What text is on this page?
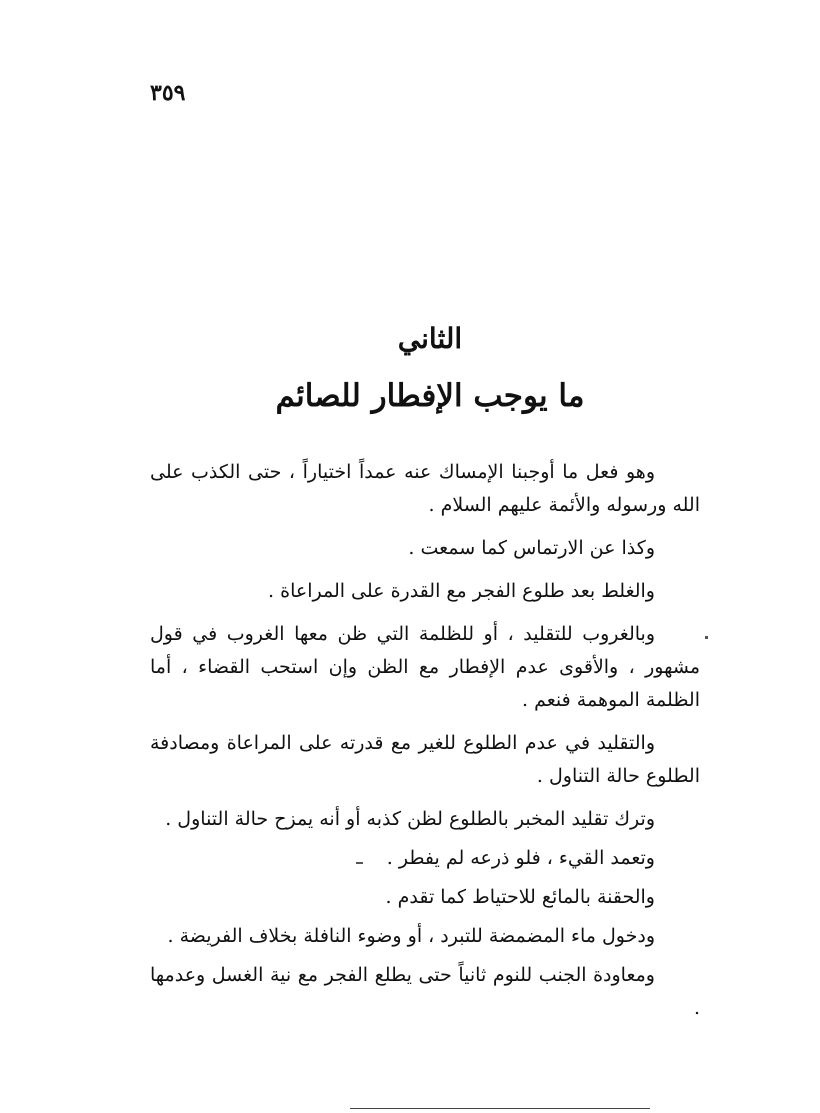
٣٥٩
الثاني
ما يوجب الإفطار للصائم

وهو فعل ما أوجبنا الإمساك عنه عمداً اختياراً ، حتى الكذب على الله ورسوله والأئمة عليهم السلام .

وكذا عن الارتماس كما سمعت .

والغلط بعد طلوع الفجر مع القدرة على المراعاة .

وبالغروب للتقليد ، أو للظلمة التي ظن معها الغروب في قول مشهور ، والأقوى عدم الإفطار مع الظن وإن استحب القضاء ، أما الظلمة الموهمة فنعم .

والتقليد في عدم الطلوع للغير مع قدرته على المراعاة ومصادفة الطلوع حالة التناول .

وترك تقليد المخبر بالطلوع لظن كذبه أو أنه يمزح حالة التناول .

وتعمد القيء ، فلو ذرعه لم يفطر .

والحقنة بالمائع للاحتياط كما تقدم .

ودخول ماء المضمضة للتبرد ، أو وضوء النافلة بخلاف الفريضة .

ومعاودة الجنب للنوم ثانياً حتى يطلع الفجر مع نية الغسل وعدمها .
